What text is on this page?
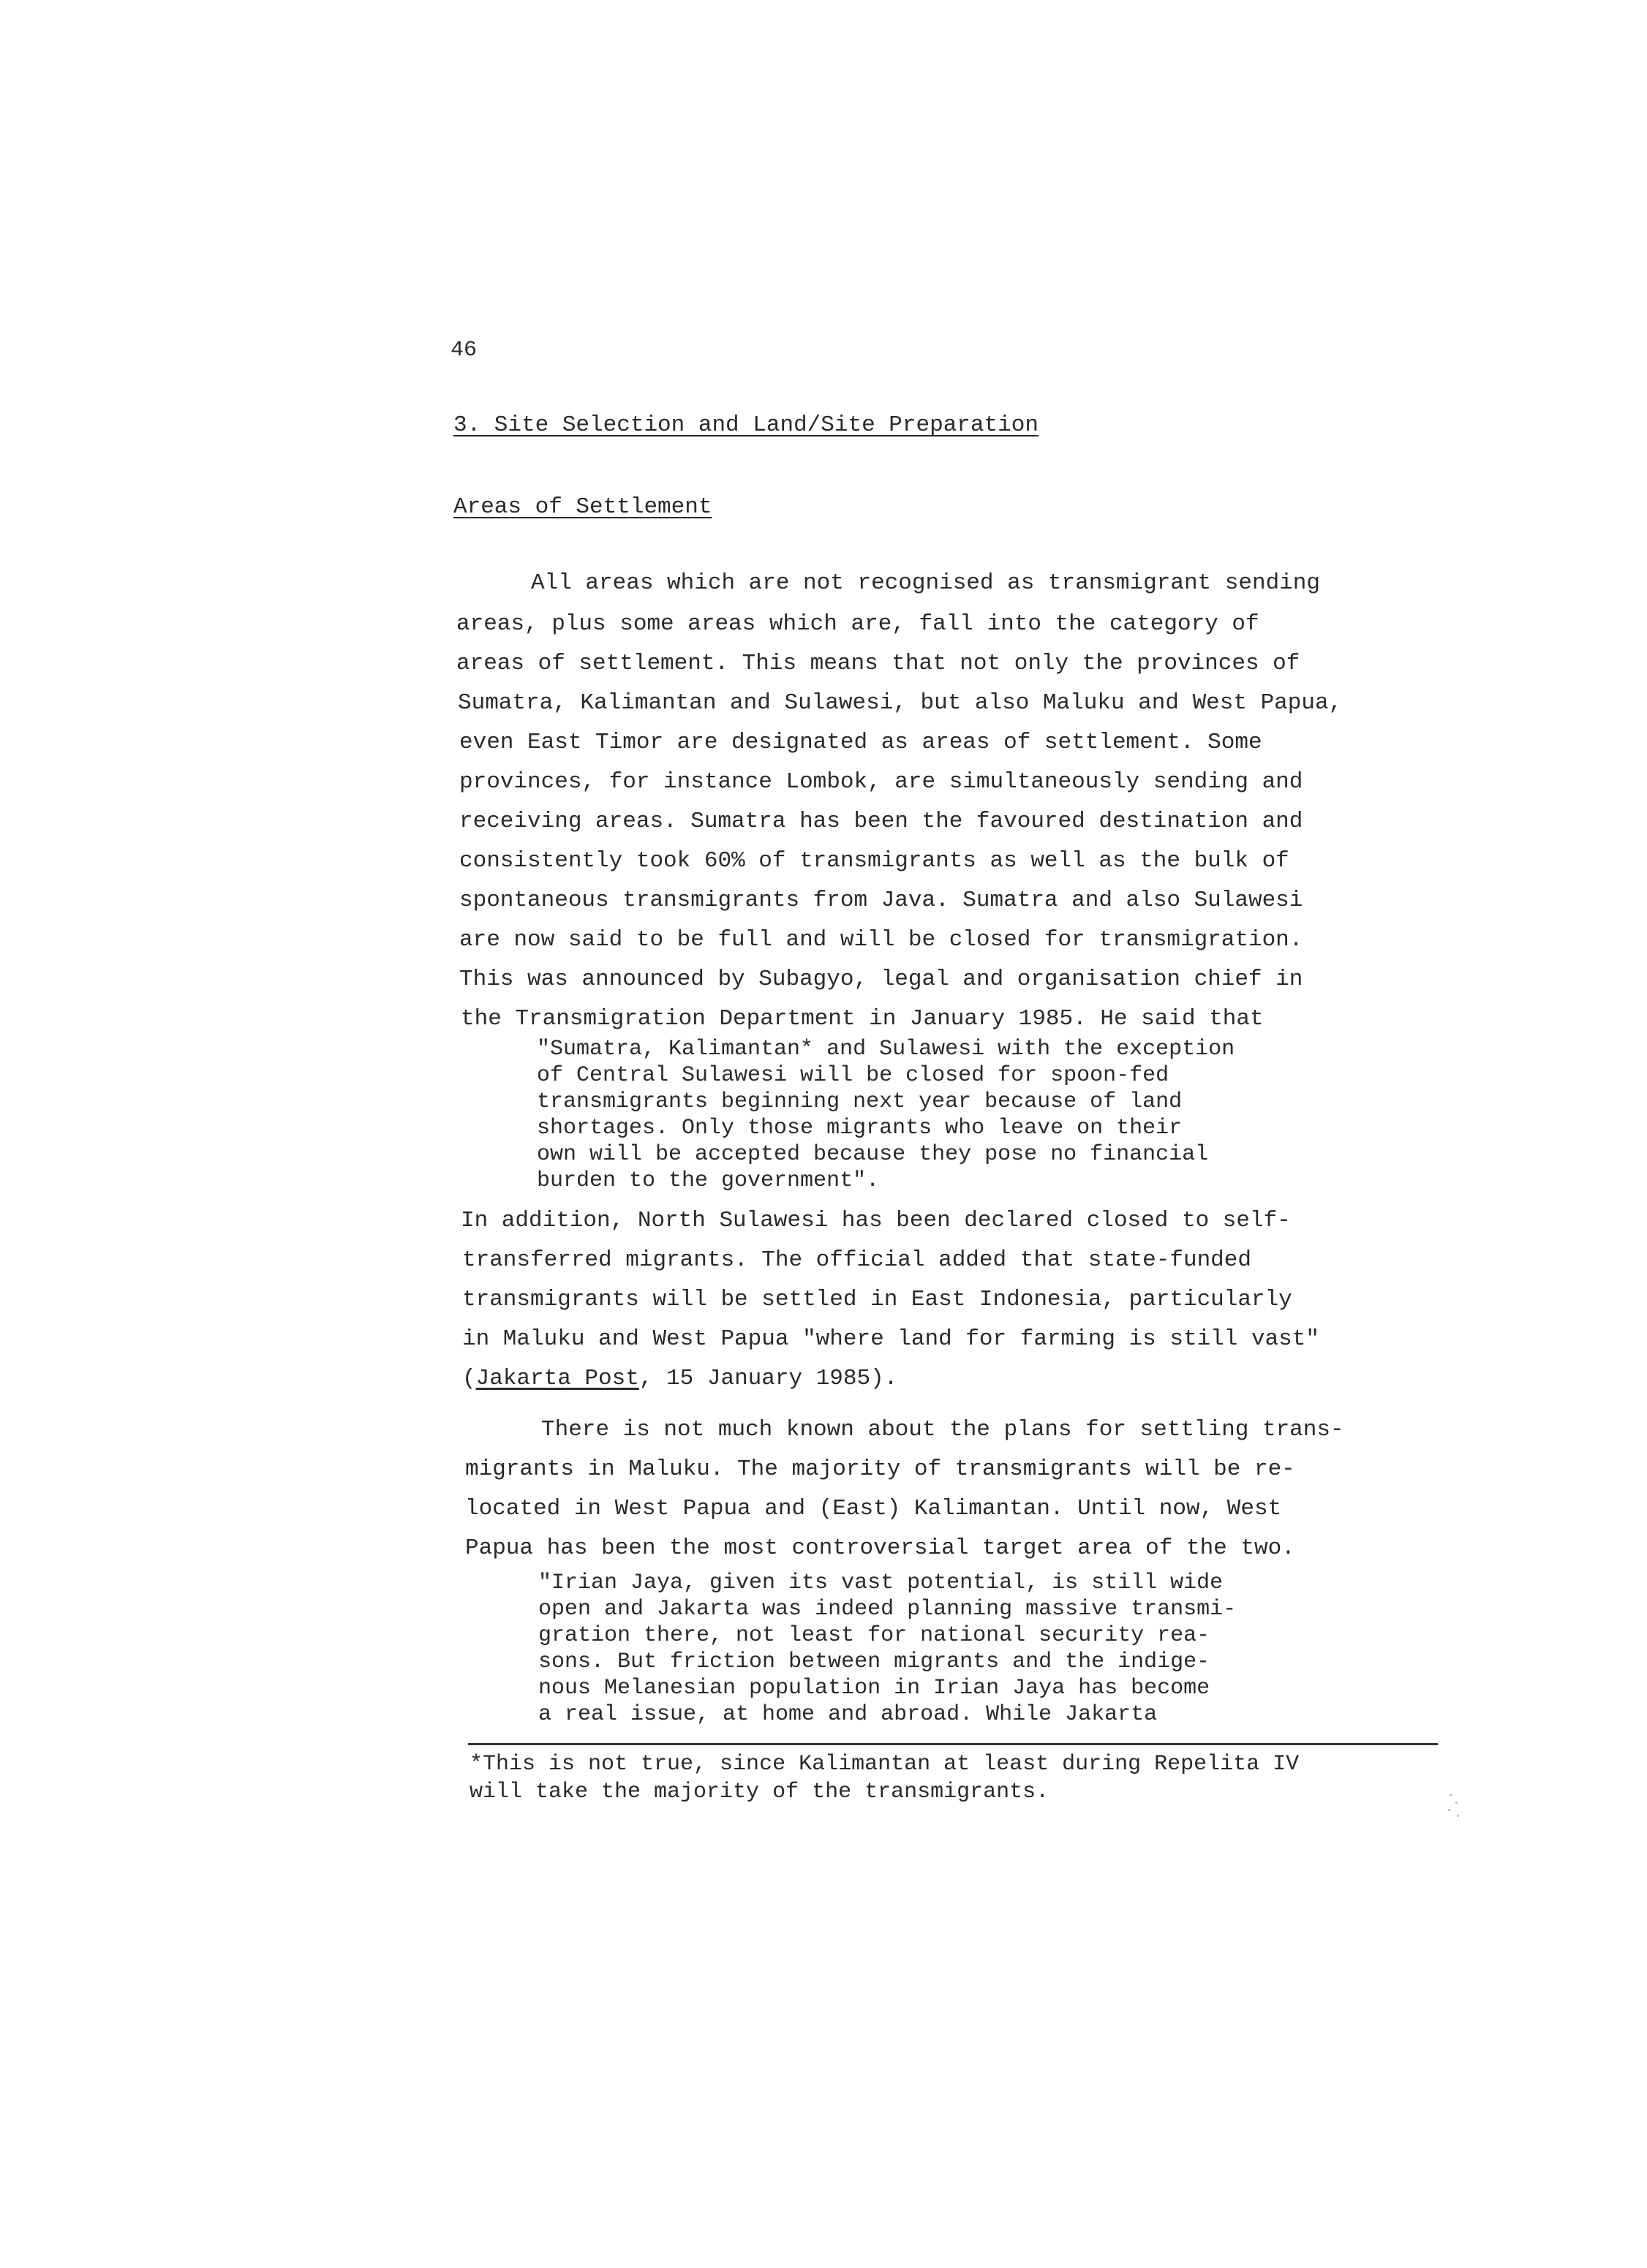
46
3. Site Selection and Land/Site Preparation
Areas of Settlement
All areas which are not recognised as transmigrant sending
areas, plus some areas which are, fall into the category of
areas of settlement. This means that not only the provinces of
Sumatra, Kalimantan and Sulawesi, but also Maluku and West Papua,
even East Timor are designated as areas of settlement. Some
provinces, for instance Lombok, are simultaneously sending and
receiving areas. Sumatra has been the favoured destination and
consistently took 60% of transmigrants as well as the bulk of
spontaneous transmigrants from Java. Sumatra and also Sulawesi
are now said to be full and will be closed for transmigration.
This was announced by Subagyo, legal and organisation chief in
the Transmigration Department in January 1985. He said that
"Sumatra, Kalimantan* and Sulawesi with the exception
of Central Sulawesi will be closed for spoon-fed
transmigrants beginning next year because of land
shortages. Only those migrants who leave on their
own will be accepted because they pose no financial
burden to the government".
In addition, North Sulawesi has been declared closed to self-
transferred migrants. The official added that state-funded
transmigrants will be settled in East Indonesia, particularly
in Maluku and West Papua "where land for farming is still vast"
(Jakarta Post, 15 January 1985).
There is not much known about the plans for settling trans-
migrants in Maluku. The majority of transmigrants will be re-
located in West Papua and (East) Kalimantan. Until now, West
Papua has been the most controversial target area of the two.
"Irian Jaya, given its vast potential, is still wide
open and Jakarta was indeed planning massive transmi-
gration there, not least for national security rea-
sons. But friction between migrants and the indige-
nous Melanesian population in Irian Jaya has become
a real issue, at home and abroad. While Jakarta
*This is not true, since Kalimantan at least during Repelita IV
will take the majority of the transmigrants.
